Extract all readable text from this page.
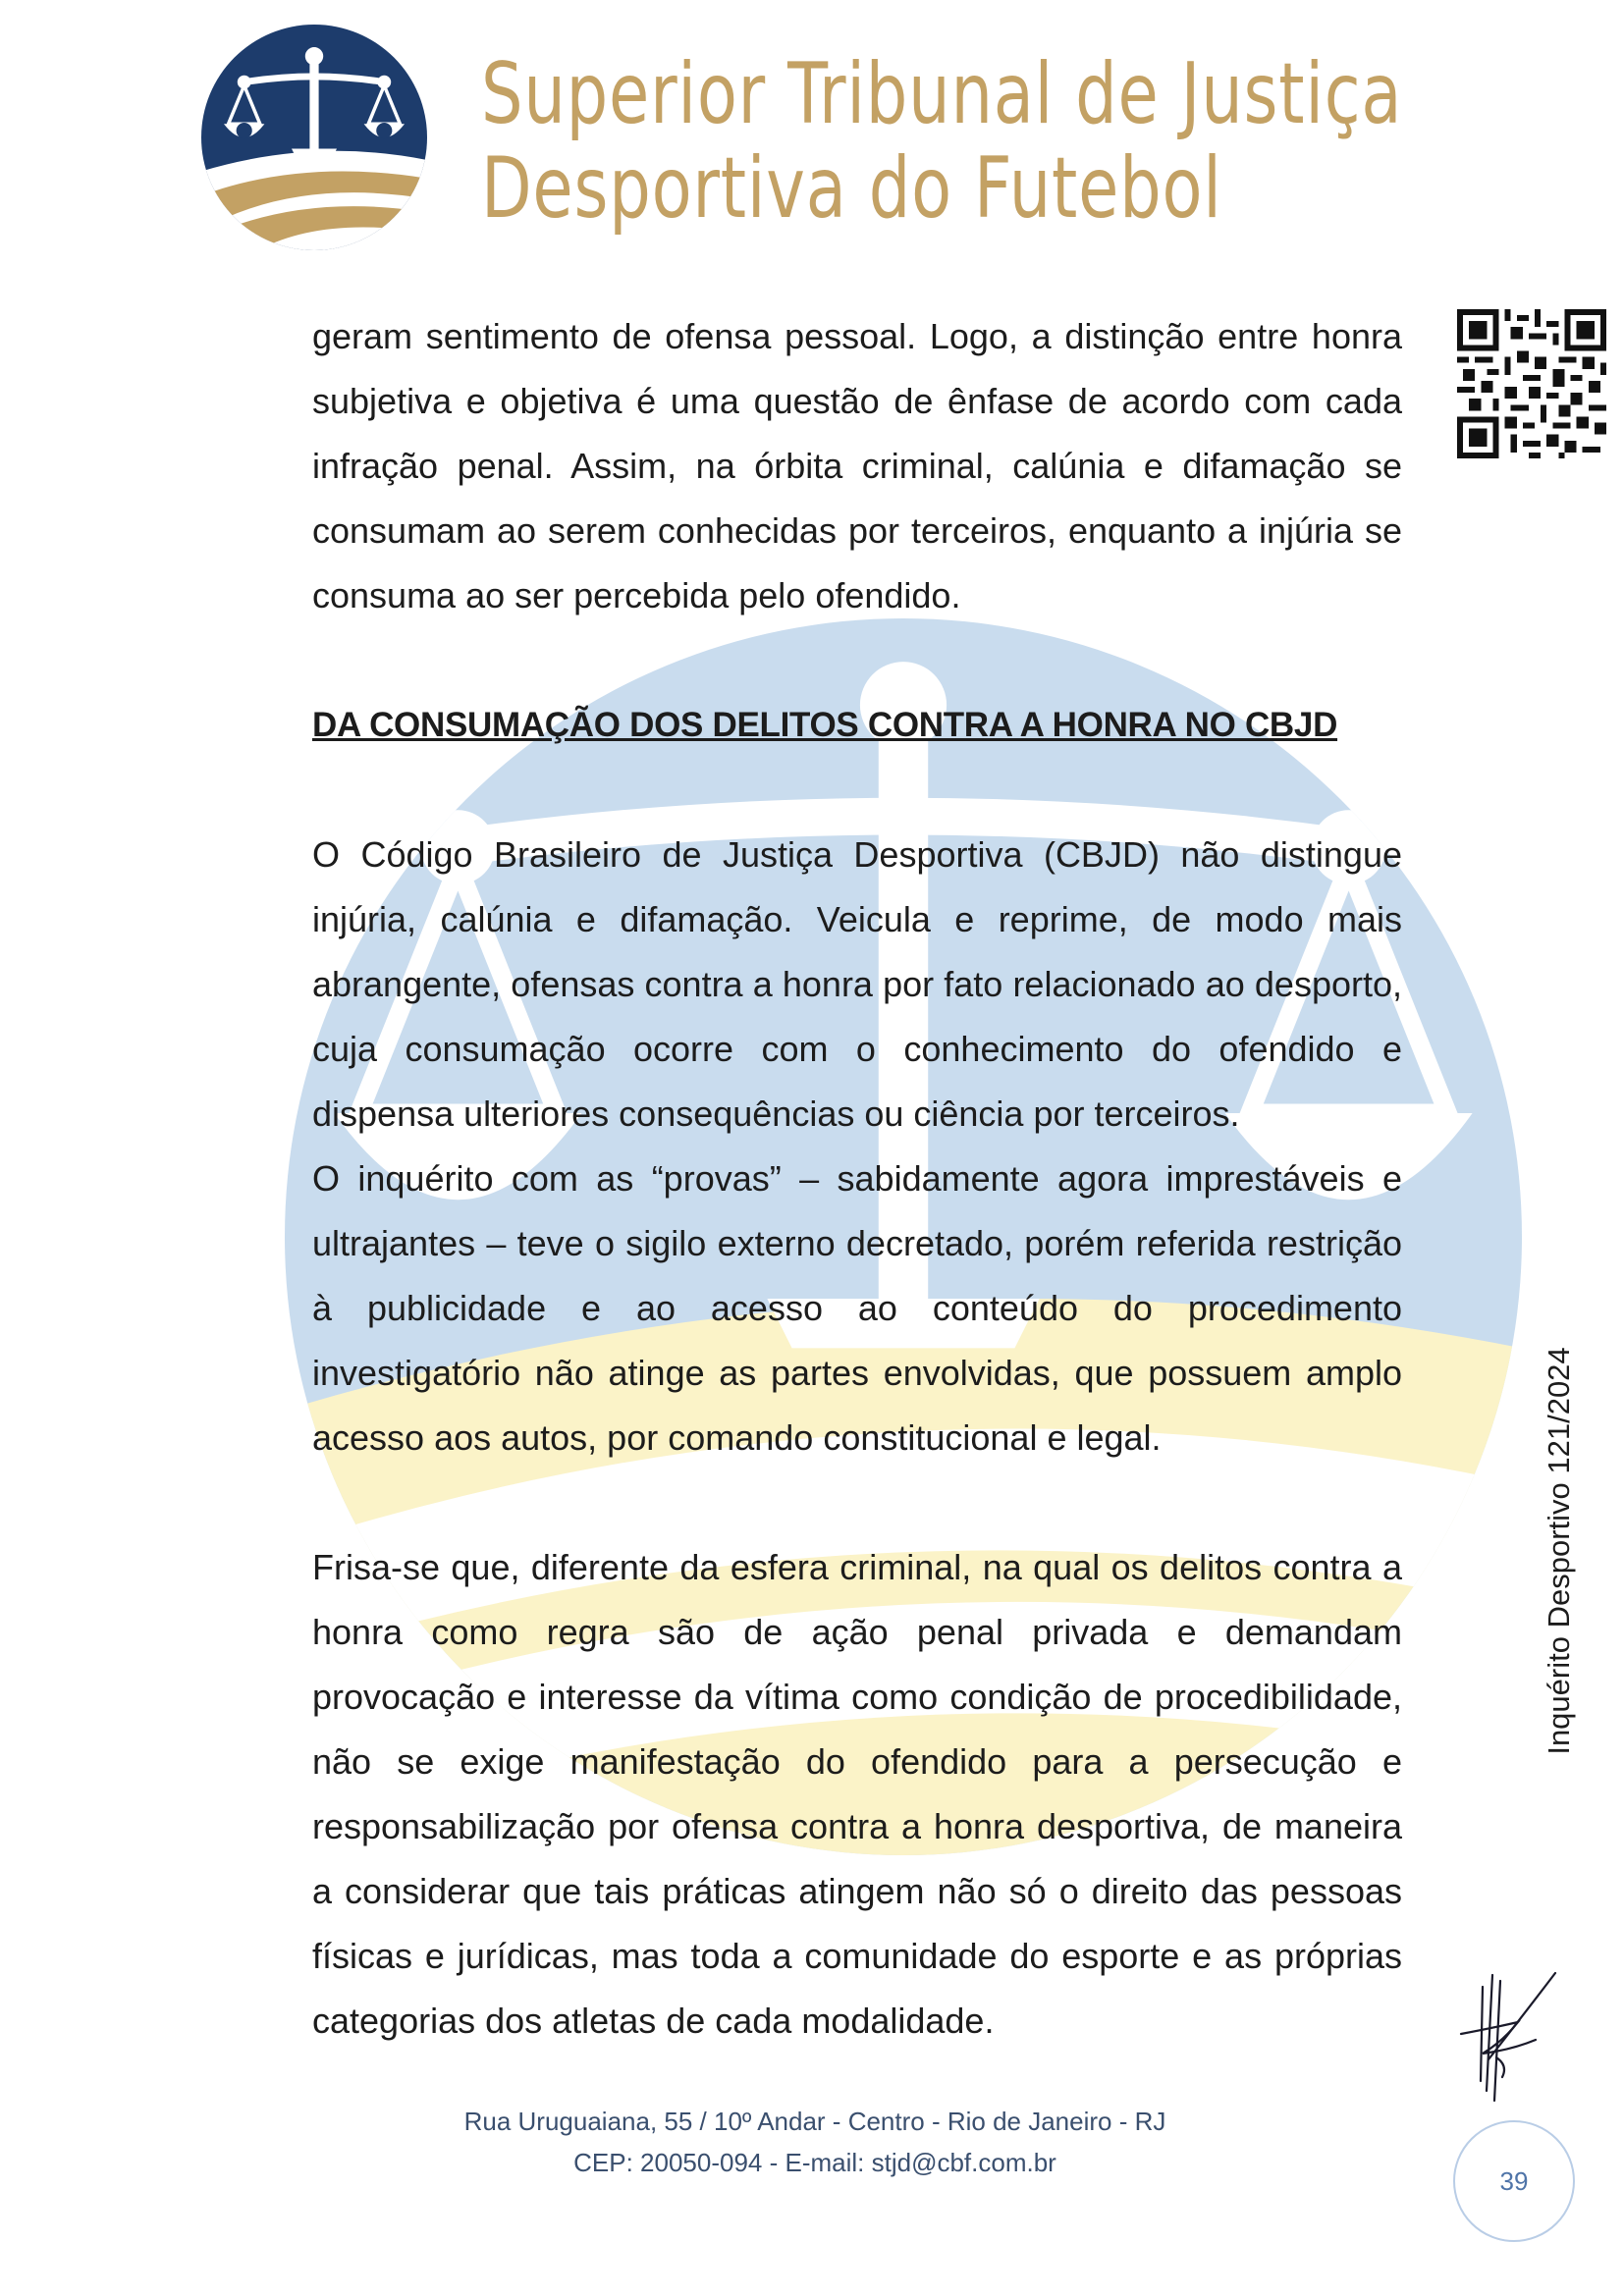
Superior Tribunal de Justiça
Desportiva do Futebol

geram sentimento de ofensa pessoal. Logo, a distinção entre honra subjetiva e objetiva é uma questão de ênfase de acordo com cada infração penal. Assim, na órbita criminal, calúnia e difamação se consumam ao serem conhecidas por terceiros, enquanto a injúria se consuma ao ser percebida pelo ofendido.

DA CONSUMAÇÃO DOS DELITOS CONTRA A HONRA NO CBJD

O Código Brasileiro de Justiça Desportiva (CBJD) não distingue injúria, calúnia e difamação. Veicula e reprime, de modo mais abrangente, ofensas contra a honra por fato relacionado ao desporto, cuja consumação ocorre com o conhecimento do ofendido e dispensa ulteriores consequências ou ciência por terceiros.

O inquérito com as “provas” – sabidamente agora imprestáveis e ultrajantes – teve o sigilo externo decretado, porém referida restrição à publicidade e ao acesso ao conteúdo do procedimento investigatório não atinge as partes envolvidas, que possuem amplo acesso aos autos, por comando constitucional e legal.

Frisa-se que, diferente da esfera criminal, na qual os delitos contra a honra como regra são de ação penal privada e demandam provocação e interesse da vítima como condição de procedibilidade, não se exige manifestação do ofendido para a persecução e responsabilização por ofensa contra a honra desportiva, de maneira a considerar que tais práticas atingem não só o direito das pessoas físicas e jurídicas, mas toda a comunidade do esporte e as próprias categorias dos atletas de cada modalidade.

Inquérito Desportivo 121/2024
Rua Uruguaiana, 55 / 10º Andar - Centro - Rio de Janeiro - RJ
CEP: 20050-094 - E-mail: stjd@cbf.com.br
39
